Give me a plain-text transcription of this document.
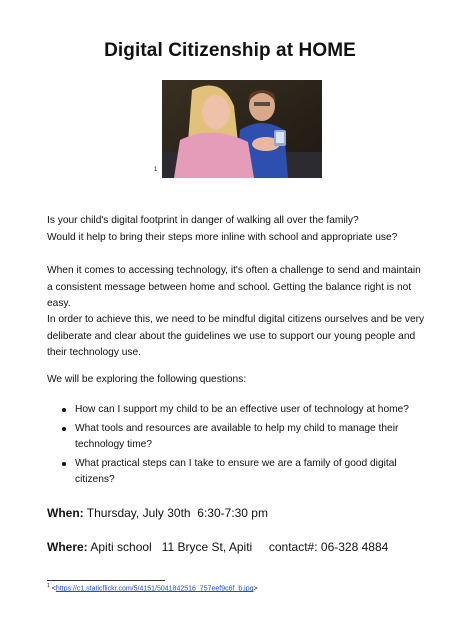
Digital Citizenship at HOME
1
Is your child's digital footprint in danger of walking all over the family?
Would it help to bring their steps more inline with school and appropriate use?
When it comes to accessing technology, it's often a challenge to send and maintain a consistent message between home and school. Getting the balance right is not easy.
In order to achieve this, we need to be mindful digital citizens ourselves and be very deliberate and clear about the guidelines we use to support our young people and their technology use.
We will be exploring the following questions:
How can I support my child to be an effective user of technology at home?
What tools and resources are available to help my child to manage their technology time?
What practical steps can I take to ensure we are a family of good digital citizens?
When: Thursday, July 30th  6:30-7:30 pm
Where: Apiti school   11 Bryce St, Apiti     contact#: 06-328 4884
$^1$ <https://c1.staticflickr.com/5/4151/5041842516_757eef9c6f_b.jpg>
